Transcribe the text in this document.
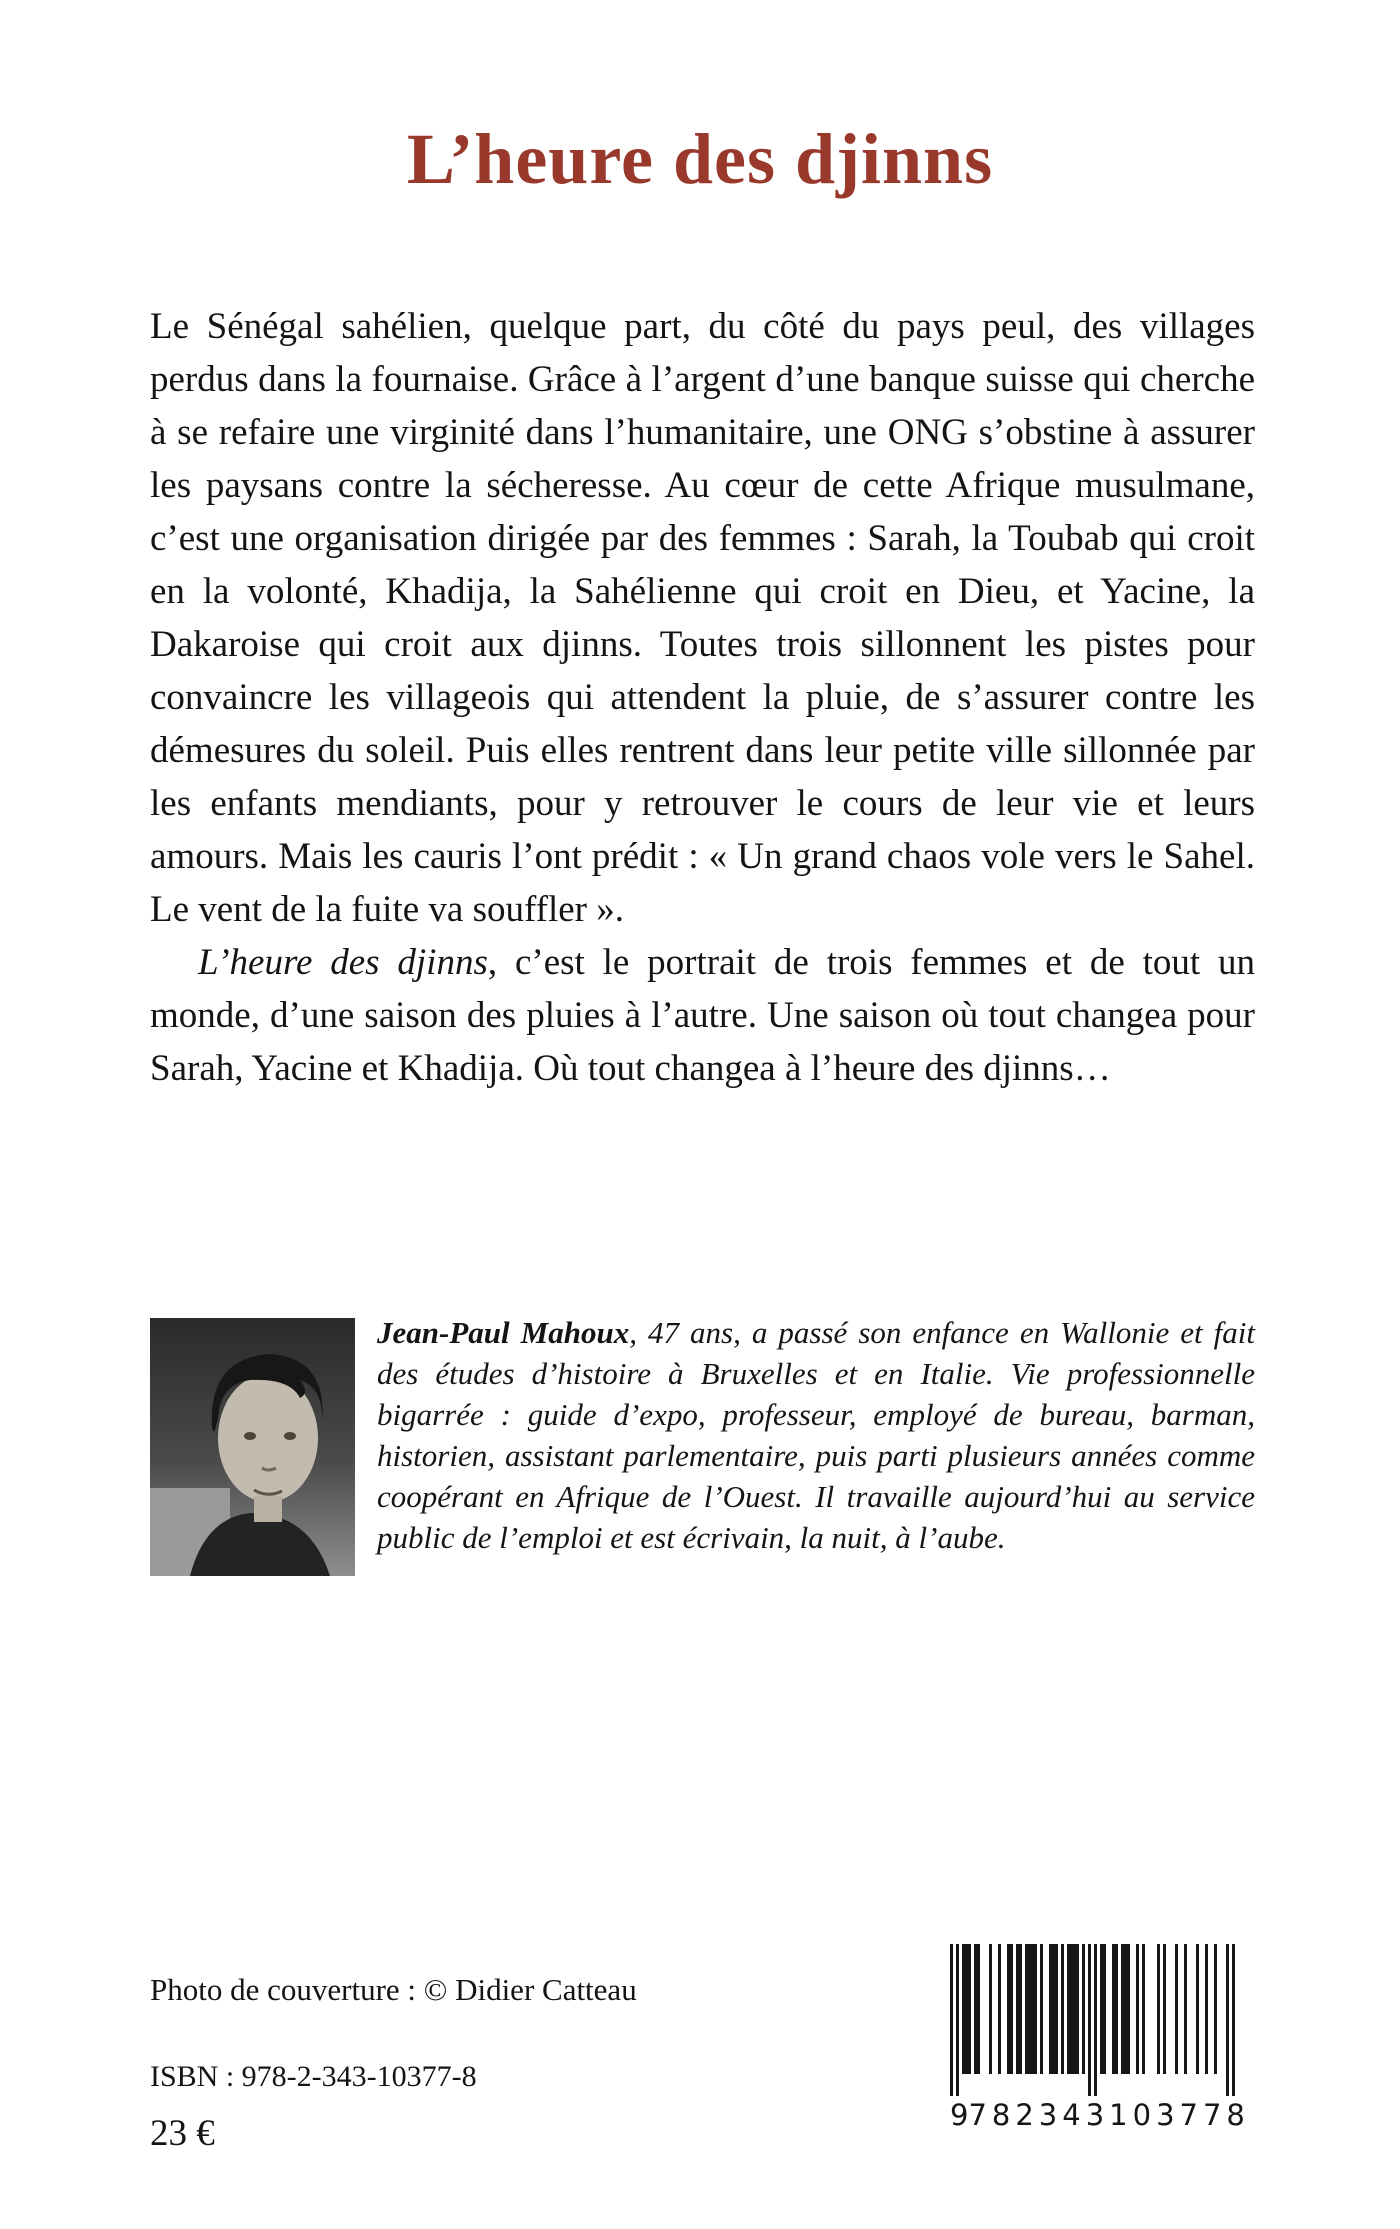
L’heure des djinns

Le Sénégal sahélien, quelque part, du côté du pays peul, des villages perdus dans la fournaise. Grâce à l’argent d’une banque suisse qui cherche à se refaire une virginité dans l’humanitaire, une ONG s’obstine à assurer les paysans contre la sécheresse. Au cœur de cette Afrique musulmane, c’est une organisation dirigée par des femmes : Sarah, la Toubab qui croit en la volonté, Khadija, la Sahélienne qui croit en Dieu, et Yacine, la Dakaroise qui croit aux djinns. Toutes trois sillonnent les pistes pour convaincre les villageois qui attendent la pluie, de s’assurer contre les démesures du soleil. Puis elles rentrent dans leur petite ville sillonnée par les enfants mendiants, pour y retrouver le cours de leur vie et leurs amours. Mais les cauris l’ont prédit : « Un grand chaos vole vers le Sahel. Le vent de la fuite va souffler ».

L’heure des djinns, c’est le portrait de trois femmes et de tout un monde, d’une saison des pluies à l’autre. Une saison où tout changea pour Sarah, Yacine et Khadija. Où tout changea à l’heure des djinns…

Jean-Paul Mahoux, 47 ans, a passé son enfance en Wallonie et fait des études d’histoire à Bruxelles et en Italie. Vie professionnelle bigarrée : guide d’expo, professeur, employé de bureau, barman, historien, assistant parlementaire, puis parti plusieurs années comme coopérant en Afrique de l’Ouest. Il travaille aujourd’hui au service public de l’emploi et est écrivain, la nuit, à l’aube.
Photo de couverture : © Didier Catteau
ISBN : 978-2-343-10377-8
23 €	9 782343 103778
